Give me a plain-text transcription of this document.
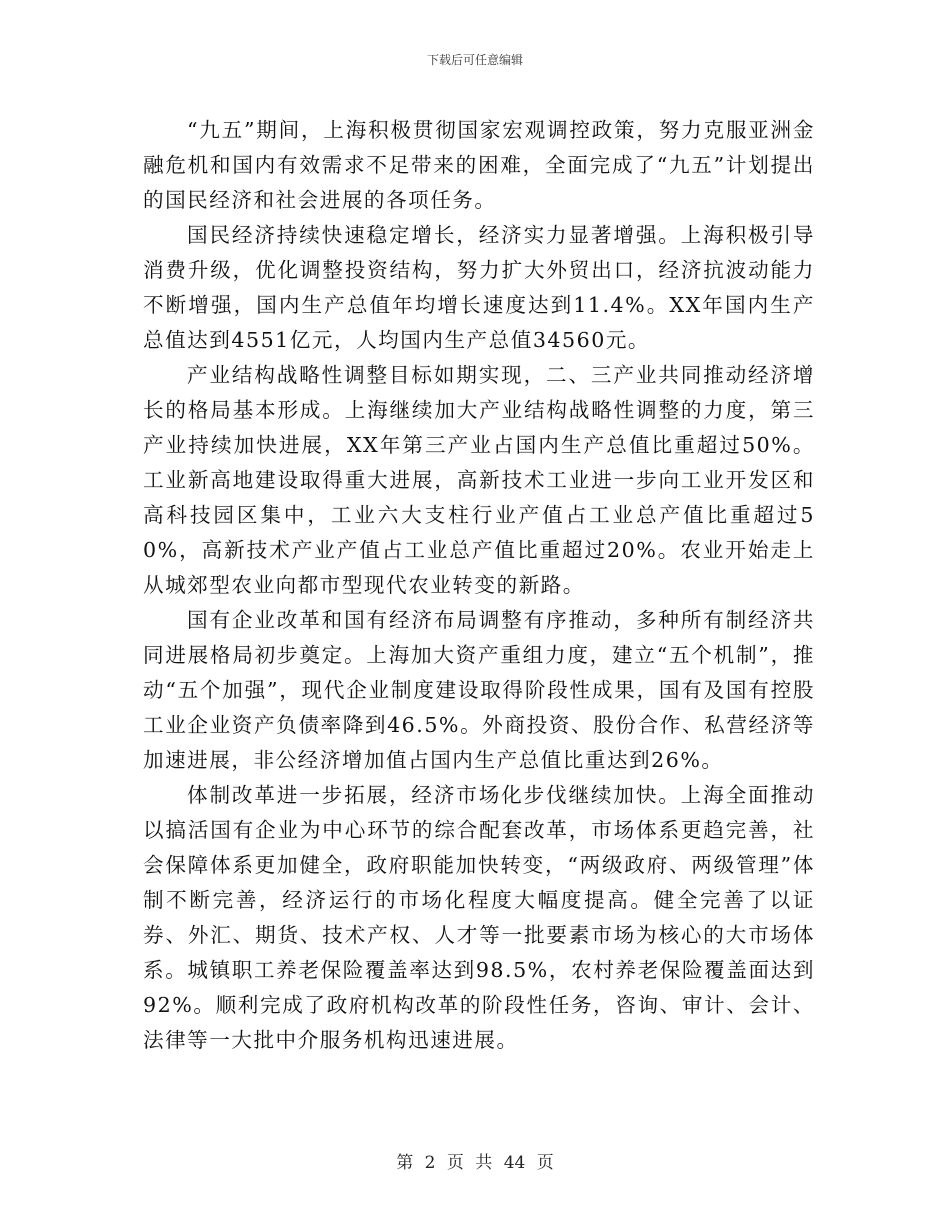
下载后可任意编辑

“九五”期间，上海积极贯彻国家宏观调控政策，努力克服亚洲金融危机和国内有效需求不足带来的困难，全面完成了“九五”计划提出的国民经济和社会进展的各项任务。

国民经济持续快速稳定增长，经济实力显著增强。上海积极引导消费升级，优化调整投资结构，努力扩大外贸出口，经济抗波动能力不断增强，国内生产总值年均增长速度达到11.4%。XX年国内生产总值达到4551亿元，人均国内生产总值34560元。

产业结构战略性调整目标如期实现，二、三产业共同推动经济增长的格局基本形成。上海继续加大产业结构战略性调整的力度，第三产业持续加快进展，XX年第三产业占国内生产总值比重超过50%。工业新高地建设取得重大进展，高新技术工业进一步向工业开发区和高科技园区集中，工业六大支柱行业产值占工业总产值比重超过50%，高新技术产业产值占工业总产值比重超过20%。农业开始走上从城郊型农业向都市型现代农业转变的新路。

国有企业改革和国有经济布局调整有序推动，多种所有制经济共同进展格局初步奠定。上海加大资产重组力度，建立“五个机制”，推动“五个加强”，现代企业制度建设取得阶段性成果，国有及国有控股工业企业资产负债率降到46.5%。外商投资、股份合作、私营经济等加速进展，非公经济增加值占国内生产总值比重达到26%。

体制改革进一步拓展，经济市场化步伐继续加快。上海全面推动以搞活国有企业为中心环节的综合配套改革，市场体系更趋完善，社会保障体系更加健全，政府职能加快转变，“两级政府、两级管理”体制不断完善，经济运行的市场化程度大幅度提高。健全完善了以证券、外汇、期货、技术产权、人才等一批要素市场为核心的大市场体系。城镇职工养老保险覆盖率达到98.5%，农村养老保险覆盖面达到92%。顺利完成了政府机构改革的阶段性任务，咨询、审计、会计、法律等一大批中介服务机构迅速进展。

第 2 页 共 44 页
